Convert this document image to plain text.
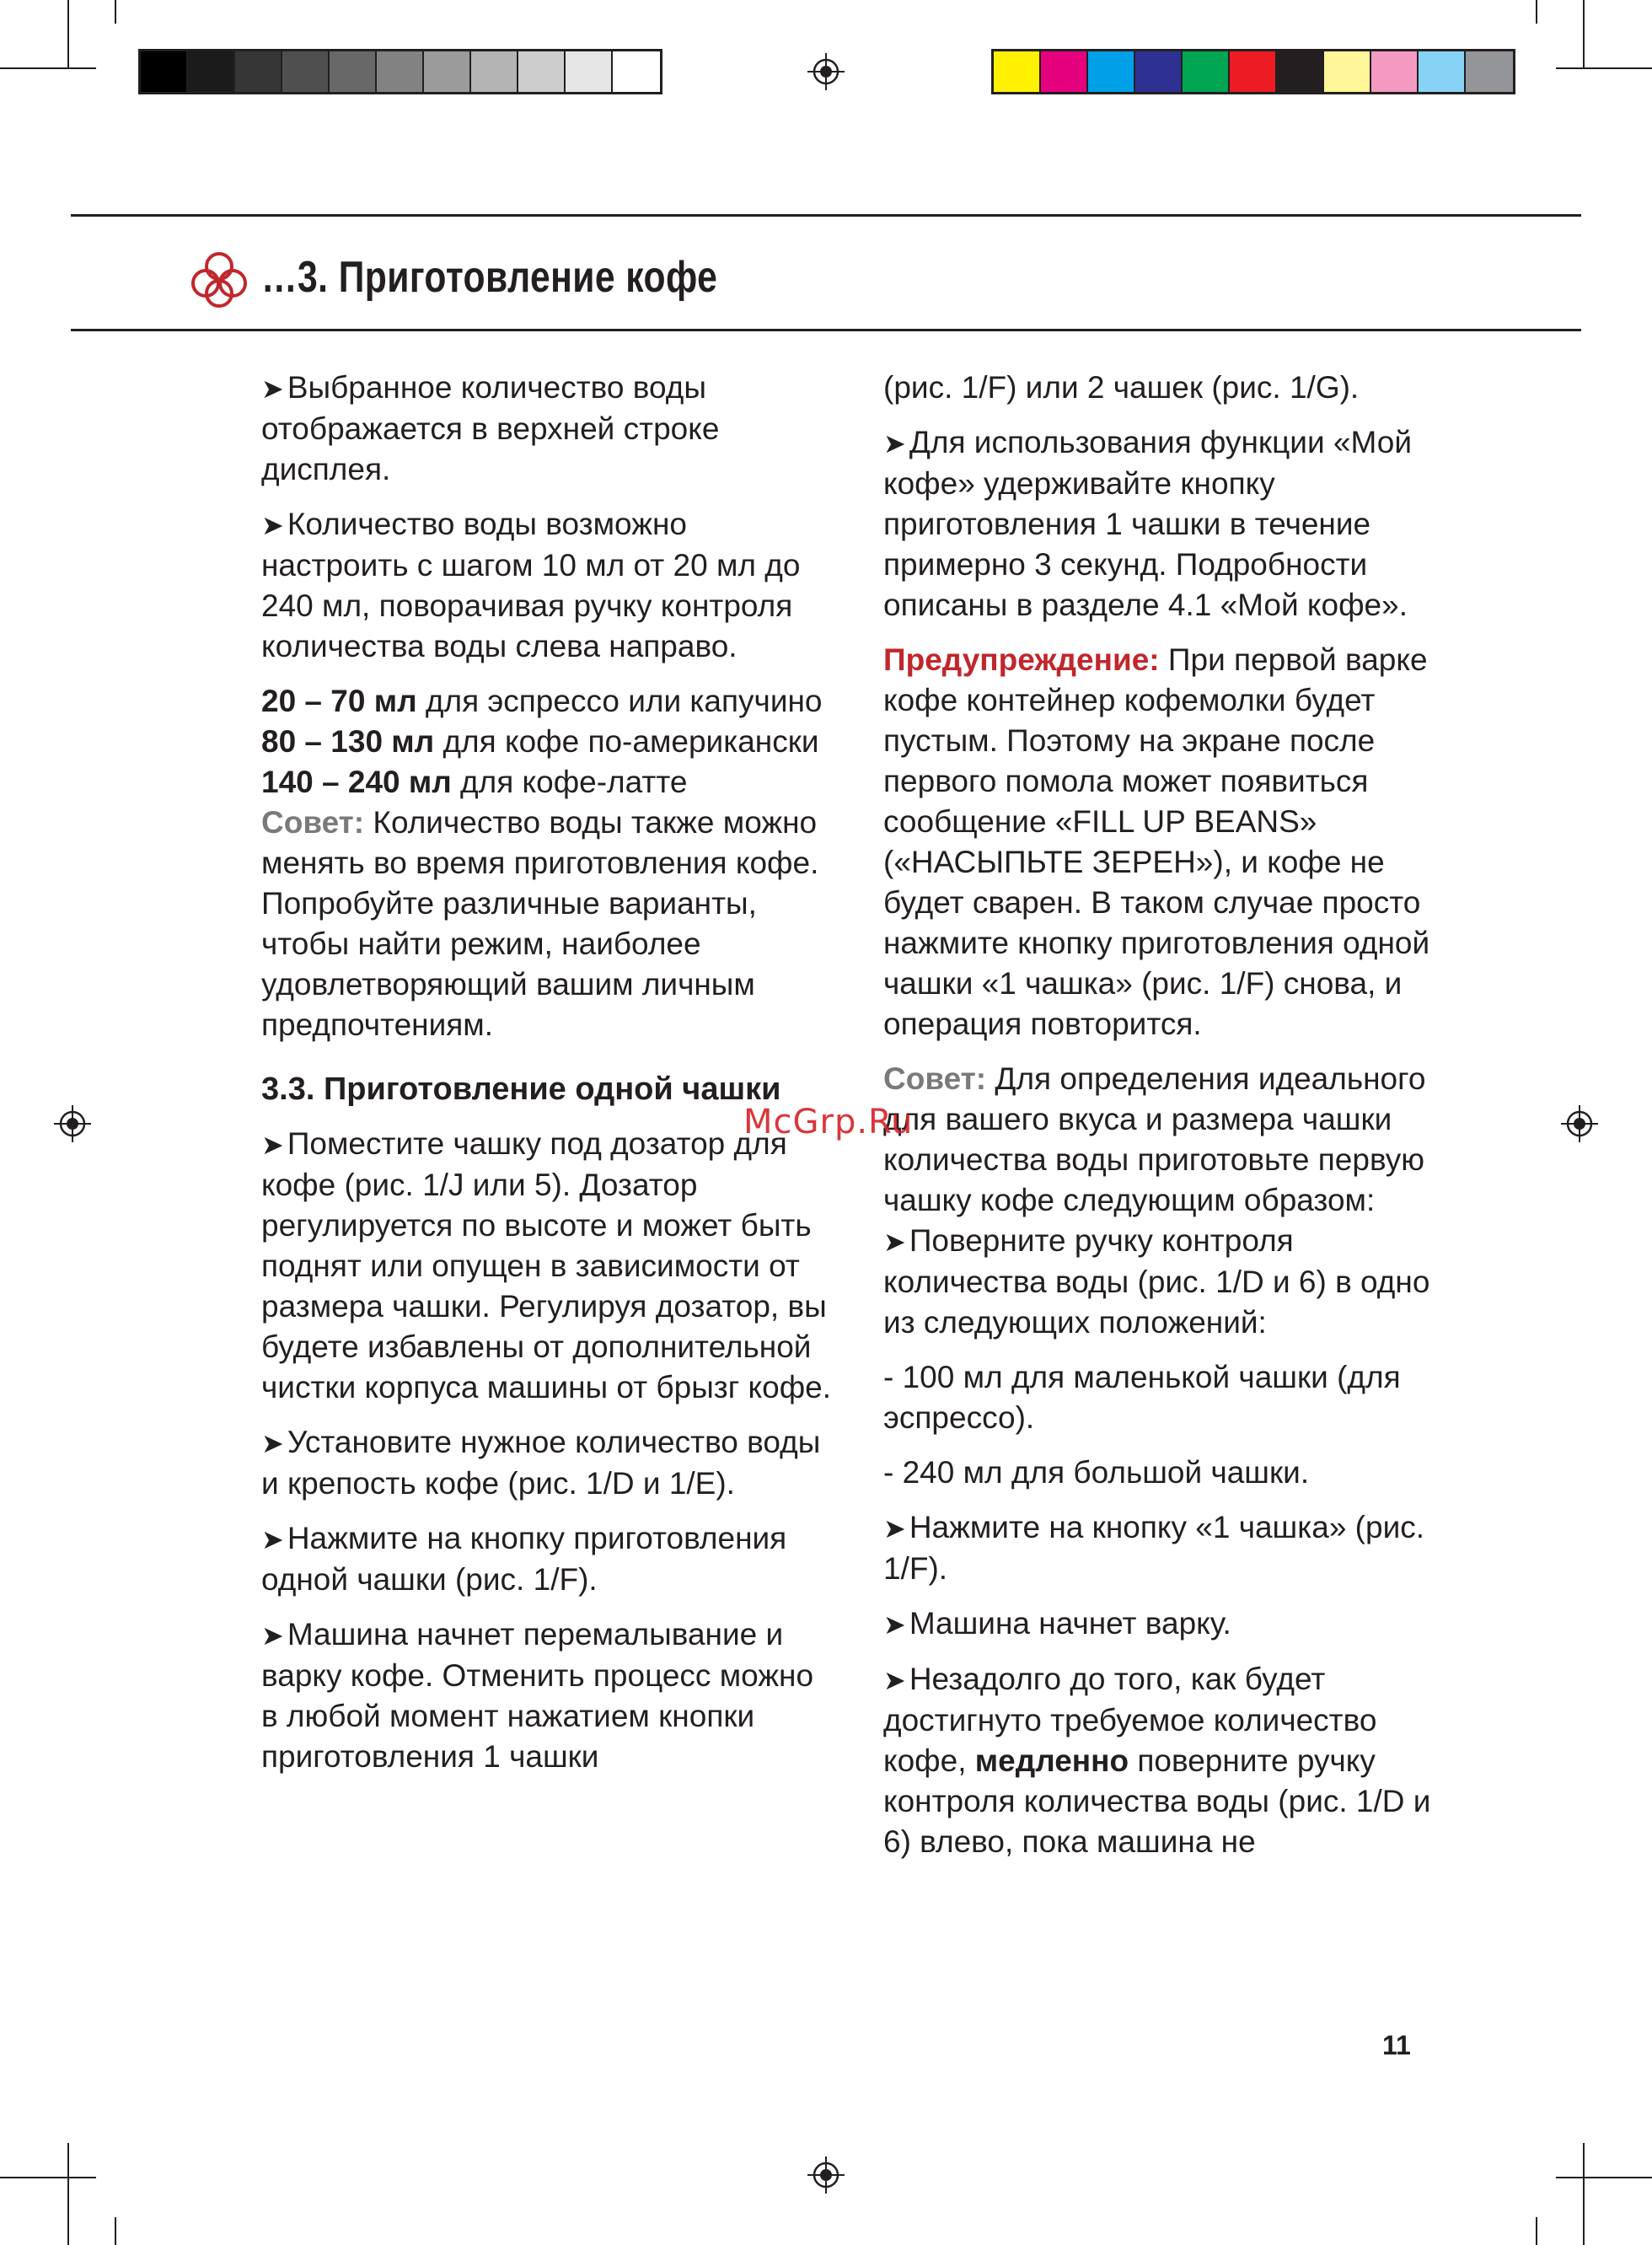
…3. Приготовление кофе

➤ Выбранное количество воды отображается в верхней строке дисплея.

➤ Количество воды возможно настроить с шагом 10 мл от 20 мл до 240 мл, поворачивая ручку контроля количества воды слева направо.

20 – 70 мл для эспрессо или капучино

80 – 130 мл для кофе по-американски

140 – 240 мл для кофе-латте

Совет: Количество воды также можно менять во время приготовления кофе. Попробуйте различные варианты, чтобы найти режим, наиболее удовлетворяющий вашим личным предпочтениям.

3.3. Приготовление одной чашки

➤ Поместите чашку под дозатор для кофе (рис. 1/J или 5). Дозатор регулируется по высоте и может быть поднят или опущен в зависимости от размера чашки. Регулируя дозатор, вы будете избавлены от дополнительной чистки корпуса машины от брызг кофе.

➤ Установите нужное количество воды и крепость кофе (рис. 1/D и 1/E).

➤ Нажмите на кнопку приготовления одной чашки (рис. 1/F).

➤ Машина начнет перемалывание и варку кофе. Отменить процесс можно в любой момент нажатием кнопки приготовления 1 чашки

(рис. 1/F) или 2 чашек (рис. 1/G).

➤ Для использования функции «Мой кофе» удерживайте кнопку приготовления 1 чашки в течение примерно 3 секунд. Подробности описаны в разделе 4.1 «Мой кофе».

Предупреждение: При первой варке кофе контейнер кофемолки будет пустым. Поэтому на экране после первого помола может появиться сообщение «FILL UP BEANS» («НАСЫПЬТЕ ЗЕРЕН»), и кофе не будет сварен. В таком случае просто нажмите кнопку приготовления одной чашки «1 чашка» (рис. 1/F) снова, и операция повторится.

Совет: Для определения идеального для вашего вкуса и размера чашки количества воды приготовьте первую чашку кофе следующим образом:

➤ Поверните ручку контроля количества воды (рис. 1/D и 6) в одно из следующих положений:

- 100 мл для маленькой чашки (для эспрессо).

- 240 мл для большой чашки.

➤ Нажмите на кнопку «1 чашка» (рис. 1/F).

➤ Машина начнет варку.

➤ Незадолго до того, как будет достигнуто требуемое количество кофе, медленно поверните ручку контроля количества воды (рис. 1/D и 6) влево, пока машина не

McGrp.Ru
11
